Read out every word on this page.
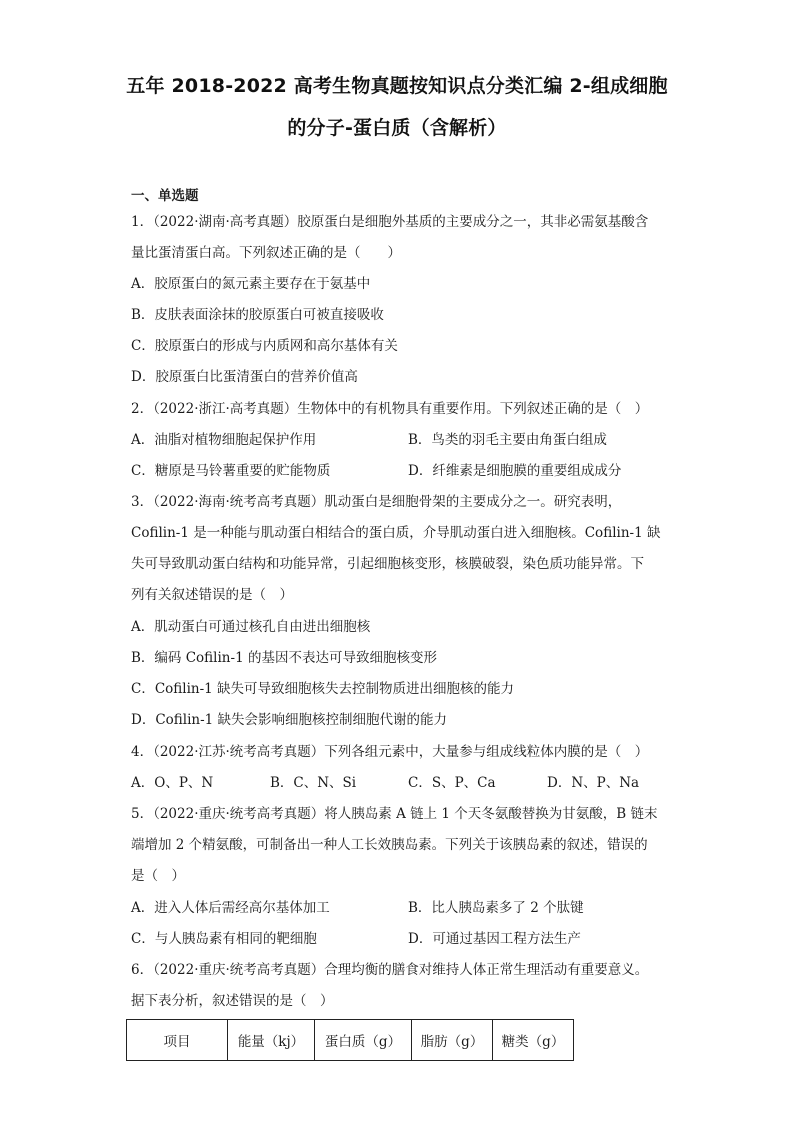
五年 2018-2022 高考生物真题按知识点分类汇编 2-组成细胞
的分子-蛋白质（含解析）
一、单选题
1．（2022·湖南·高考真题）胶原蛋白是细胞外基质的主要成分之一，其非必需氨基酸含
量比蛋清蛋白高。下列叙述正确的是（　　）
A．胶原蛋白的氮元素主要存在于氨基中
B．皮肤表面涂抹的胶原蛋白可被直接吸收
C．胶原蛋白的形成与内质网和高尔基体有关
D．胶原蛋白比蛋清蛋白的营养价值高
2．（2022·浙江·高考真题）生物体中的有机物具有重要作用。下列叙述正确的是（　）
A．油脂对植物细胞起保护作用	B．鸟类的羽毛主要由角蛋白组成
C．糖原是马铃薯重要的贮能物质	D．纤维素是细胞膜的重要组成成分
3．（2022·海南·统考高考真题）肌动蛋白是细胞骨架的主要成分之一。研究表明，
Cofilin-1 是一种能与肌动蛋白相结合的蛋白质，介导肌动蛋白进入细胞核。Cofilin-1 缺
失可导致肌动蛋白结构和功能异常，引起细胞核变形，核膜破裂，染色质功能异常。下
列有关叙述错误的是（　）
A．肌动蛋白可通过核孔自由进出细胞核
B．编码 Cofilin-1 的基因不表达可导致细胞核变形
C．Cofilin-1 缺失可导致细胞核失去控制物质进出细胞核的能力
D．Cofilin-1 缺失会影响细胞核控制细胞代谢的能力
4．（2022·江苏·统考高考真题）下列各组元素中，大量参与组成线粒体内膜的是（　）
A．O、P、N	B．C、N、Si	C．S、P、Ca	D．N、P、Na
5．（2022·重庆·统考高考真题）将人胰岛素 A 链上 1 个天冬氨酸替换为甘氨酸，B 链末
端增加 2 个精氨酸，可制备出一种人工长效胰岛素。下列关于该胰岛素的叙述，错误的
是（　）
A．进入人体后需经高尔基体加工	B．比人胰岛素多了 2 个肽键
C．与人胰岛素有相同的靶细胞	D．可通过基因工程方法生产
6．（2022·重庆·统考高考真题）合理均衡的膳食对维持人体正常生理活动有重要意义。
据下表分析，叙述错误的是（　）
项目	能量（kj）	蛋白质（g）	脂肪（g）	糖类（g）
